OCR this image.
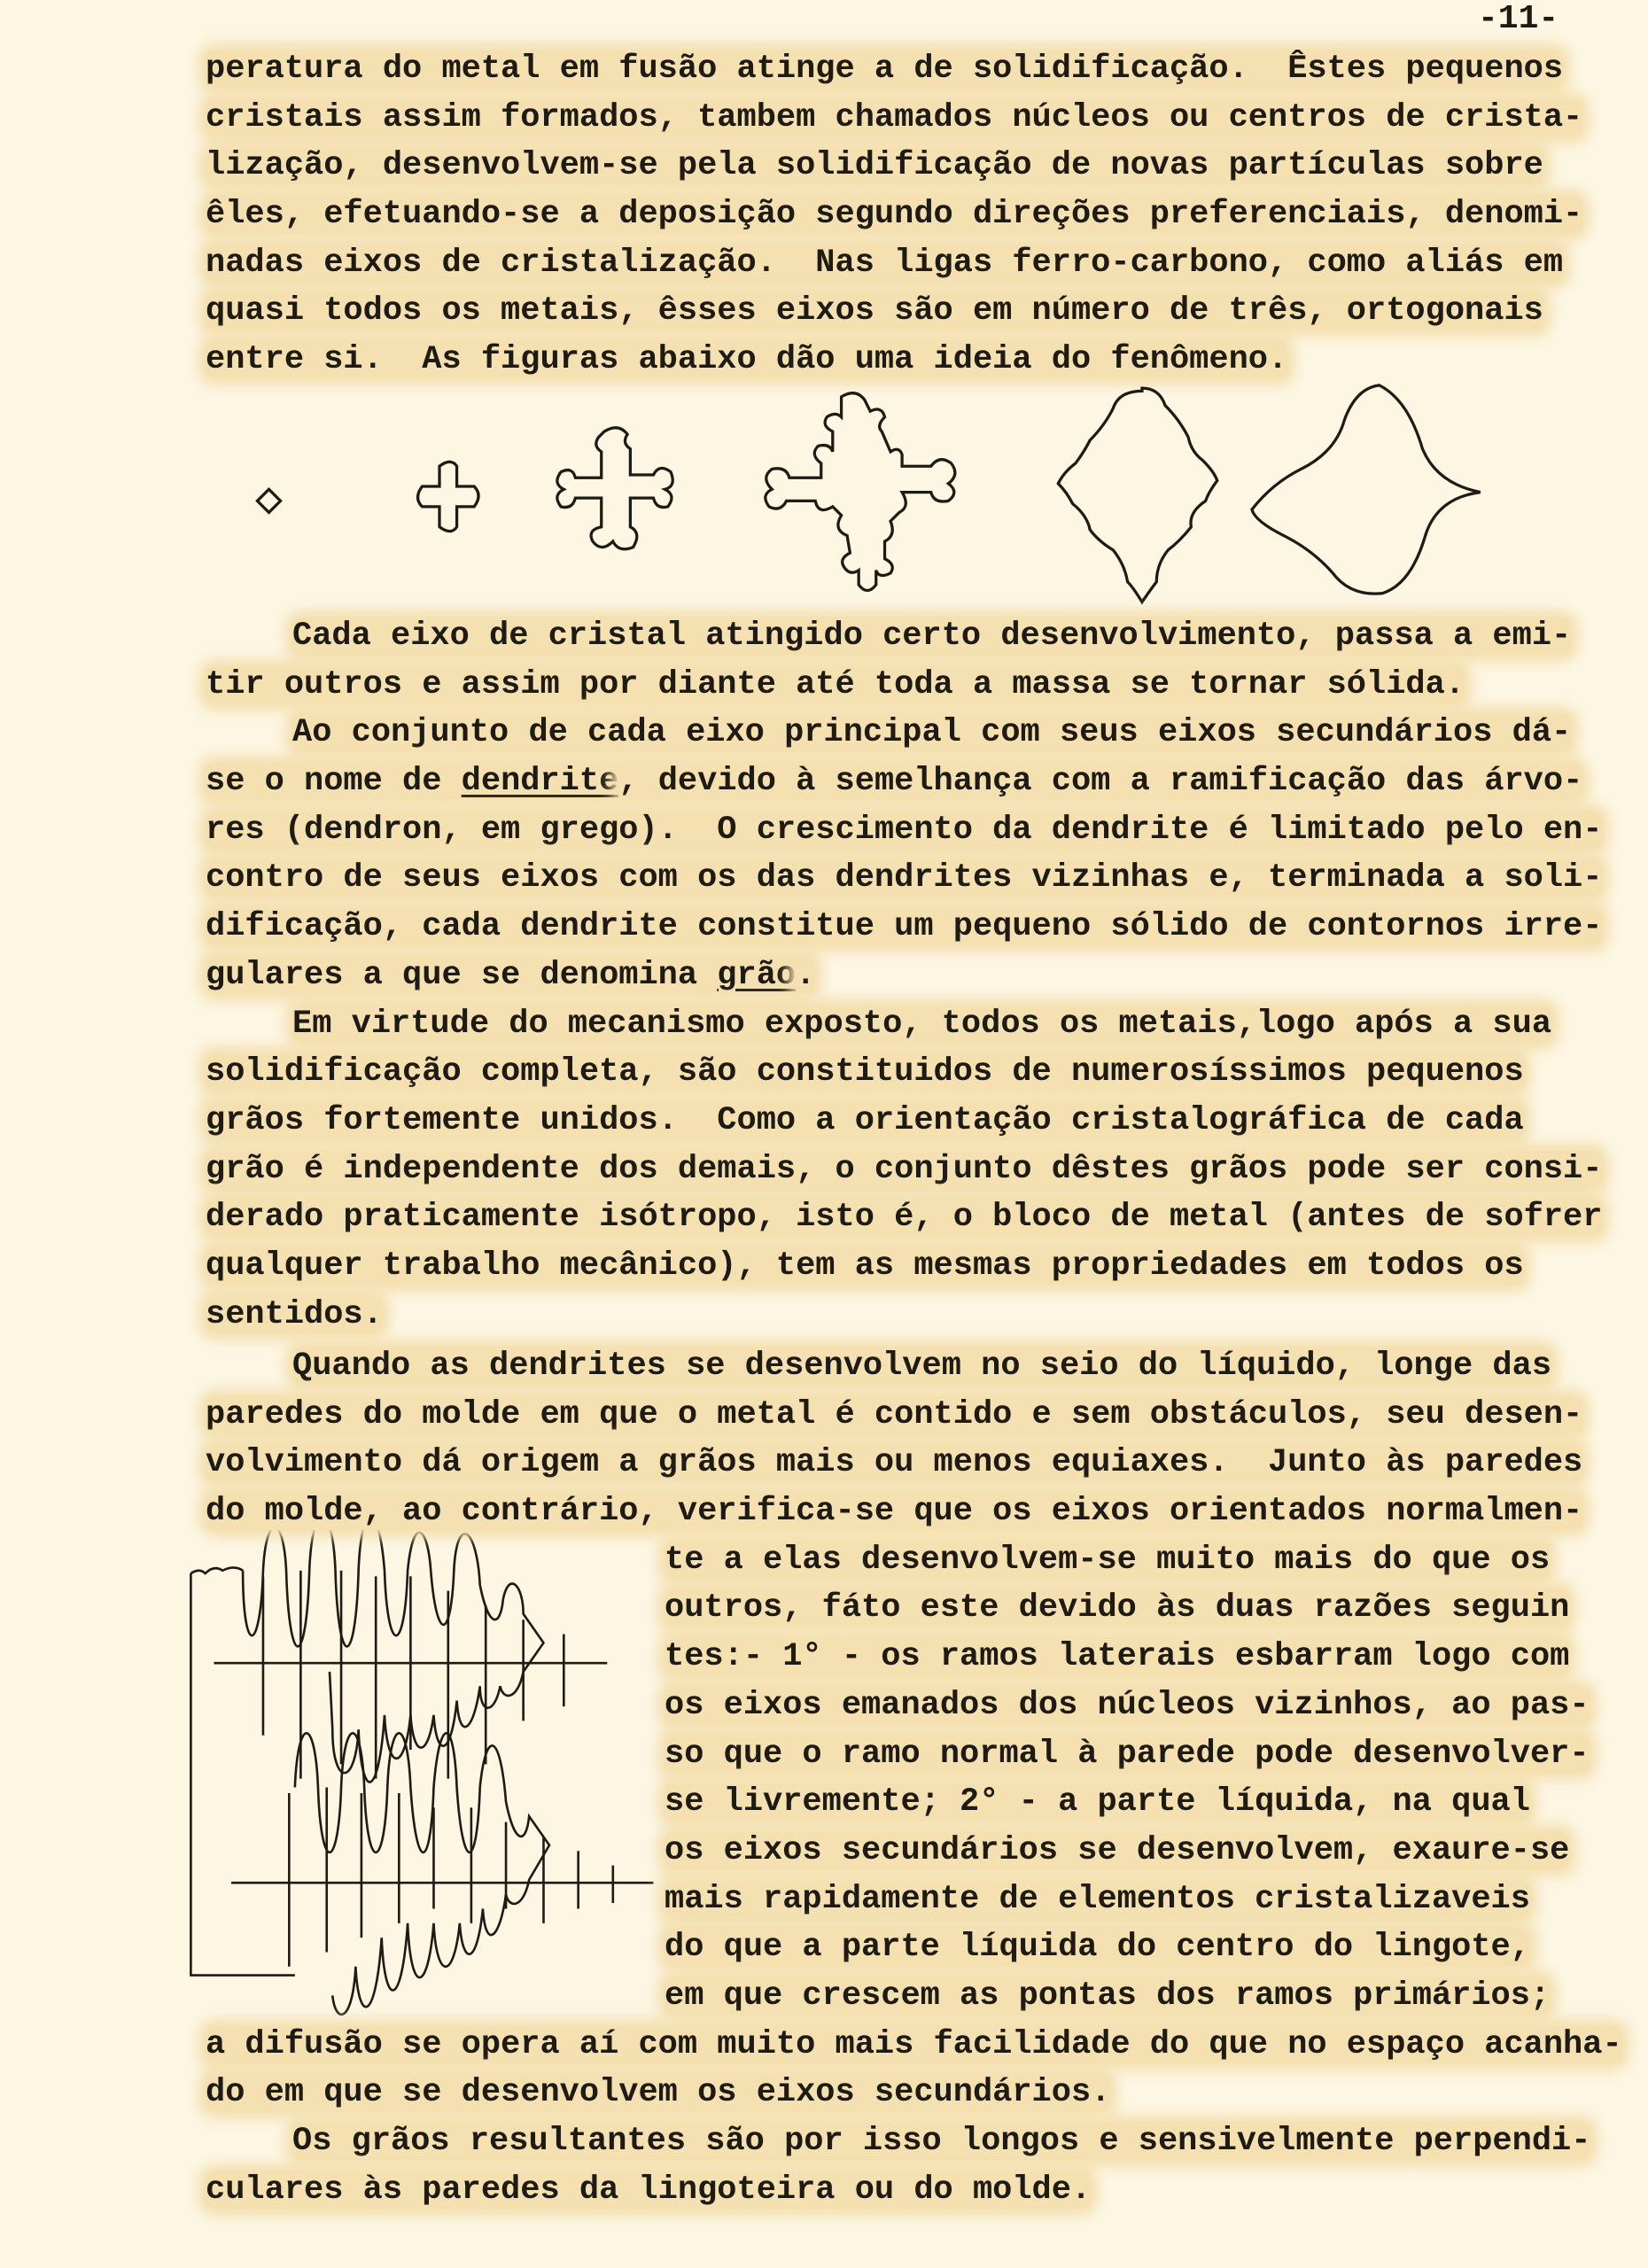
-11-
peratura do metal em fusão atinge a de solidificação.  Êstes pequenos
cristais assim formados, tambem chamados núcleos ou centros de crista-
lização, desenvolvem-se pela solidificação de novas partículas sobre
êles, efetuando-se a deposição segundo direções preferenciais, denomi-
nadas eixos de cristalização.  Nas ligas ferro-carbono, como aliás em
quasi todos os metais, êsses eixos são em número de três, ortogonais
entre si.  As figuras abaixo dão uma ideia do fenômeno.
Cada eixo de cristal atingido certo desenvolvimento, passa a emi-
tir outros e assim por diante até toda a massa se tornar sólida.
Ao conjunto de cada eixo principal com seus eixos secundários dá-
se o nome de dendrite, devido à semelhança com a ramificação das árvo-
res (dendron, em grego).  O crescimento da dendrite é limitado pelo en-
contro de seus eixos com os das dendrites vizinhas e, terminada a soli-
dificação, cada dendrite constitue um pequeno sólido de contornos irre-
gulares a que se denomina grão.
Em virtude do mecanismo exposto, todos os metais,logo após a sua
solidificação completa, são constituidos de numerosíssimos pequenos
grãos fortemente unidos.  Como a orientação cristalográfica de cada
grão é independente dos demais, o conjunto dêstes grãos pode ser consi-
derado praticamente isótropo, isto é, o bloco de metal (antes de sofrer
qualquer trabalho mecânico), tem as mesmas propriedades em todos os
sentidos.
Quando as dendrites se desenvolvem no seio do líquido, longe das
paredes do molde em que o metal é contido e sem obstáculos, seu desen-
volvimento dá origem a grãos mais ou menos equiaxes.  Junto às paredes
do molde, ao contrário, verifica-se que os eixos orientados normalmen-
te a elas desenvolvem-se muito mais do que os
outros, fáto este devido às duas razões seguin
tes:- 1° - os ramos laterais esbarram logo com
os eixos emanados dos núcleos vizinhos, ao pas-
so que o ramo normal à parede pode desenvolver-
se livremente; 2° - a parte líquida, na qual
os eixos secundários se desenvolvem, exaure-se
mais rapidamente de elementos cristalizaveis
do que a parte líquida do centro do lingote,
em que crescem as pontas dos ramos primários;
a difusão se opera aí com muito mais facilidade do que no espaço acanha-
do em que se desenvolvem os eixos secundários.
Os grãos resultantes são por isso longos e sensivelmente perpendi-
culares às paredes da lingoteira ou do molde.
